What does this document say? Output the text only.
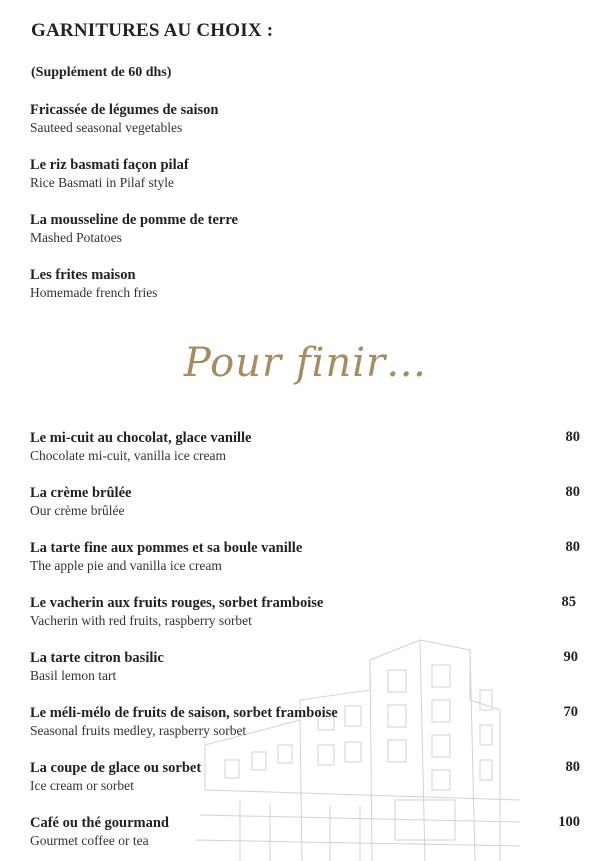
GARNITURES AU CHOIX :
(Supplément de 60 dhs)
Fricassée de légumes de saison
Sauteed seasonal vegetables
Le riz basmati façon pilaf
Rice Basmati in Pilaf style
La mousseline de pomme de terre
Mashed Potatoes
Les frites maison
Homemade french fries
Pour finir…
Le mi-cuit au chocolat, glace vanille
Chocolate mi-cuit, vanilla ice cream
80
La crème brûlée
Our crème brûlée
80
La tarte fine aux pommes et sa boule vanille
The apple pie and vanilla ice cream
80
Le vacherin aux fruits rouges, sorbet framboise
Vacherin with red fruits, raspberry sorbet
85
La tarte citron basilic
Basil lemon tart
90
Le méli-mélo de fruits de saison, sorbet framboise
Seasonal fruits medley, raspberry sorbet
70
La coupe de glace ou sorbet
Ice cream or sorbet
80
Café ou thé gourmand
Gourmet coffee or tea
100
